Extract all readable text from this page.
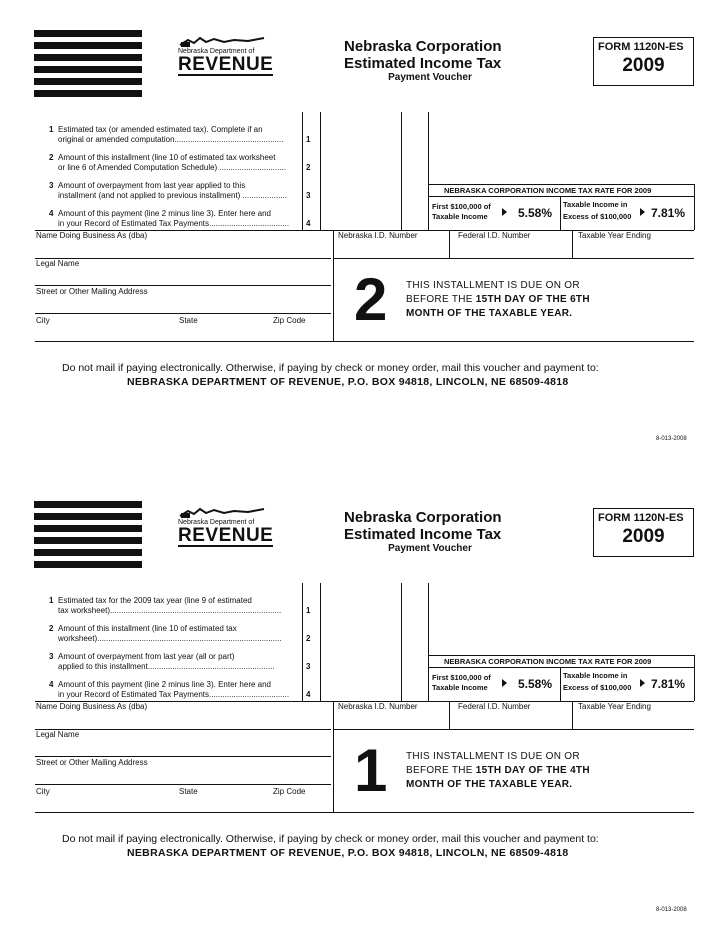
Nebraska Department of
REVENUE
Nebraska Corporation
Estimated Income Tax
Payment Voucher
FORM 1120N-ES
2009
1 Estimated tax (or amended estimated tax). Complete if an
original or amended computation.................................................	1
2 Amount of this installment (line 10 of estimated tax worksheet
or line 6 of Amended Computation Schedule) .............................. 2
3 Amount of overpayment from last year applied to this
installment (and not applied to previous installment) .................... 3
4 Amount of this payment (line 2 minus line 3). Enter here and
in your Record of Estimated Tax Payments.................................... 4
NEBRASKA CORPORATION INCOME TAX RATE FOR 2009
First $100,000 of
Taxable Income	5.58%
Taxable Income in
Excess of $100,000 7.81%
Name Doing Business As (dba)	Nebraska I.D. Number	Federal I.D. Number	Taxable Year Ending
Legal Name
Street or Other Mailing Address
City	State	Zip Code 2 THIS INSTALLMENT IS DUE ON OR
BEFORE THE 15TH DAY OF THE 6TH
MONTH OF THE TAXABLE YEAR.
Do not mail if paying electronically. Otherwise, if paying by check or money order, mail this voucher and payment to:
NEBRASKA DEPARTMENT OF REVENUE, P.O. BOX 94818, LINCOLN, NE 68509-4818
8-013-2008
Nebraska Department of
REVENUE
Nebraska Corporation
Estimated Income Tax
Payment Voucher
FORM 1120N-ES
2009
1 Estimated tax for the 2009 tax year (line 9 of estimated
tax worksheet).............................................................................	1
2 Amount of this installment (line 10 of estimated tax
worksheet)...................................................................................	2
3 Amount of overpayment from last year (all or part)
applied to this installment.........................................................	3
4 Amount of this payment (line 2 minus line 3). Enter here and
in your Record of Estimated Tax Payments.................................... 4
NEBRASKA CORPORATION INCOME TAX RATE FOR 2009
First $100,000 of
Taxable Income	5.58%
Taxable Income in
Excess of $100,000 7.81%
Name Doing Business As (dba)	Nebraska I.D. Number	Federal I.D. Number	Taxable Year Ending
Legal Name
Street or Other Mailing Address
City	State	Zip Code 1 THIS INSTALLMENT IS DUE ON OR
BEFORE THE 15TH DAY OF THE 4TH
MONTH OF THE TAXABLE YEAR.
Do not mail if paying electronically. Otherwise, if paying by check or money order, mail this voucher and payment to:
NEBRASKA DEPARTMENT OF REVENUE, P.O. BOX 94818, LINCOLN, NE 68509-4818
8-013-2008
